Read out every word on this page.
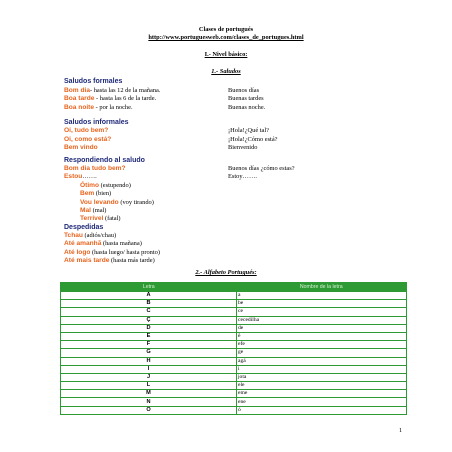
Clases de portugués
http://www.portuguesweb.com/clases_de_portugues.html
I.- Nivel básico:
1.- Saludos
Saludos formales
Bom dia- hasta las 12 de la mañana.	Buenos días
Boa tarde - hasta las 6 de la tarde.	Buenas tardes
Boa noite - por la noche.	Buenas noche.
Saludos informales
Oi, tudo bem?	¡Hola!¿Qué tal?
Oi, como está?	¡Hola!¿Cómo está?
Bem vindo	Bienvenido
Respondiendo al saludo
Bom dia tudo bem?	Buenos días ¿cómo estas?
Estou…….	Estoy…….
Ótimo (estupendo)
Bem (bien)
Vou levando (voy tirando)
Mal (mal)
Terrível (fatal)
Despedidas
Tchau (adiós/chau)
Até amanhã (hasta mañana)
Até logo (hasta luego/ hasta pronto)
Até mais tarde (hasta más tarde)
2.- Alfabeto Portugués:
Letra	Nombre de la letra
A	a
B	be
C	ce
Ç	cecedilha
D	de
E	ê
F	efe
G	ge
H	agá
I	i
J	jota
L	ele
M	eme
N	ene
O	ó
1
